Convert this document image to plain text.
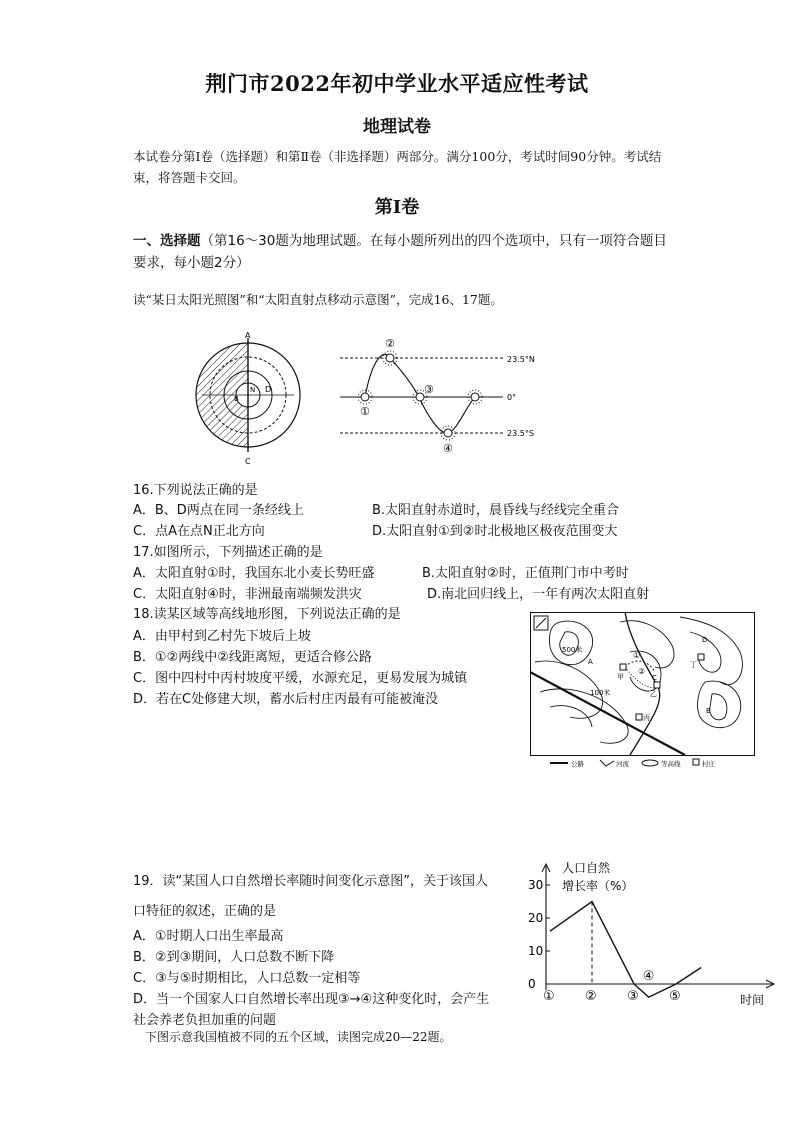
荆门市2022年初中学业水平适应性考试
地理试卷
本试卷分第Ⅰ卷（选择题）和第Ⅱ卷（非选择题）两部分。满分100分，考试时间90分钟。考试结束，将答题卡交回。
第Ⅰ卷
一、选择题（第16～30题为地理试题。在每小题所列出的四个选项中，只有一项符合题目要求，每小题2分）
读“某日太阳光照图”和“太阳直射点移动示意图”，完成16、17题。
A
B
C
D
N
23.5°N
0°
23.5°S
①
②
③
④
16.下列说法正确的是
A．B、D两点在同一条经线上	B.太阳直射赤道时，晨昏线与经线完全重合
C．点A在点N正北方向	D.太阳直射①到②时北极地区极夜范围变大
17.如图所示，下列描述正确的是
A．太阳直射①时，我国东北小麦长势旺盛	B.太阳直射②时，正值荆门市中考时
C．太阳直射④时，非洲最南端频发洪灾	D.南北回归线上，一年有两次太阳直射
18.读某区域等高线地形图，下列说法正确的是
A．由甲村到乙村先下坡后上坡
B．①②两线中②线距离短，更适合修公路
C．图中四村中丙村坡度平缓，水源充足，更易发展为城镇
D．若在C处修建大坝，蓄水后村庄丙最有可能被淹没
500米
100米
甲
乙
丙
丁
A
B
C
D
①
②
公路	河流	等高线	村庄
19．读“某国人口自然增长率随时间变化示意图”，关于该国人
口特征的叙述，正确的是
A．①时期人口出生率最高
B．②到③期间，人口总数不断下降
C．③与⑤时期相比，人口总数一定相等
D．当一个国家人口自然增长率出现③→④这种变化时，会产生
社会养老负担加重的问题
人口自然
增长率（%）
时间
0
10
20
30
① ② ③
④
⑤
下图示意我国植被不同的五个区域，读图完成20—22题。
